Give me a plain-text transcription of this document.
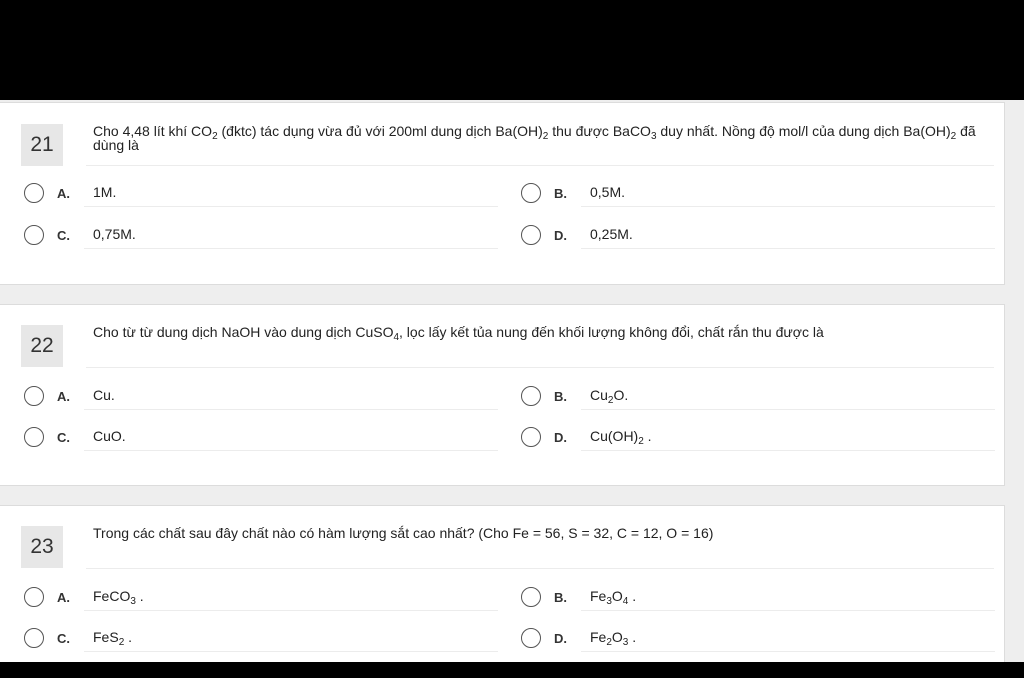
21
Cho 4,48 lít khí $CO_2$ (đktc) tác dụng vừa đủ với 200ml dung dịch $Ba(OH)_2$ thu được BaCO$_3$ duy nhất. Nồng độ mol/l của dung dịch $Ba(OH)_2$ đã dùng là
A. 1M.	B. 0,5M.
C. 0,75M.	D. 0,25M.
22
Cho từ từ dung dịch NaOH vào dung dịch CuSO$_4$, lọc lấy kết tủa nung đến khối lượng không đổi, chất rắn thu được là
A. Cu.	B. $Cu_2O$.
C. CuO.	D. $Cu(OH)_2$ .
23
Trong các chất sau đây chất nào có hàm lượng sắt cao nhất? (Cho Fe = 56, S = 32, C = 12, O = 16)
A. FeCO$_3$ .	B. $Fe_3O_4$ .
C. FeS$_2$ .	D. $Fe_2O_3$ .
